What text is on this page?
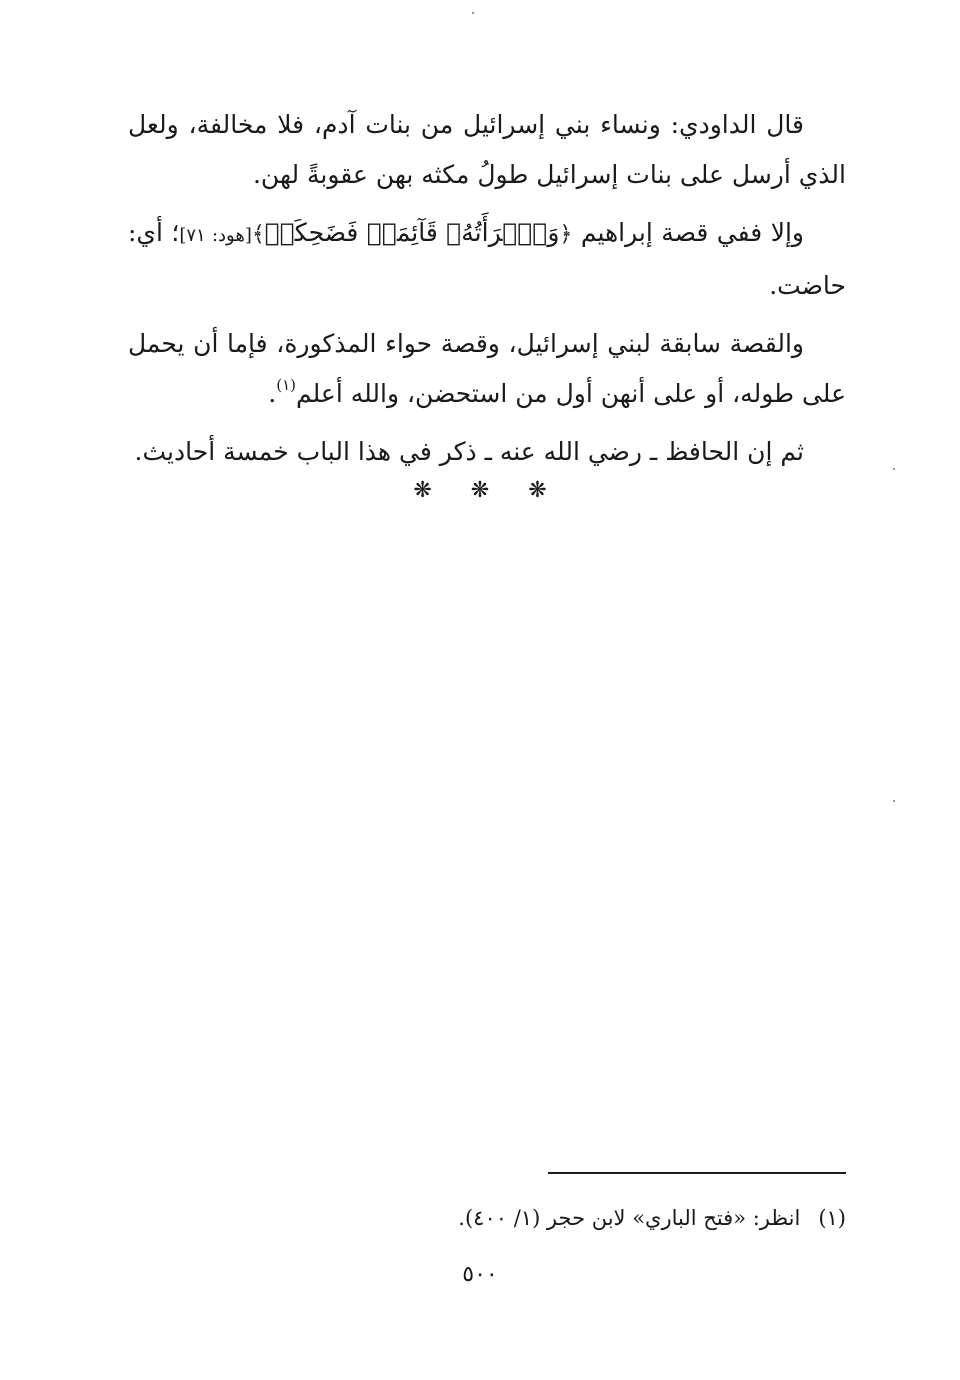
قال الداودي: ونساء بني إسرائيل من بنات آدم، فلا مخالفة، ولعل الذي أرسل على بنات إسرائيل طولُ مكثه بهن عقوبةً لهن.

وإلا ففي قصة إبراهيم ﴿وَٱمۡرَأَتُهُۥ قَآئِمَةٞ فَضَحِكَتۡ﴾[هود: ٧١]؛ أي: حاضت.

والقصة سابقة لبني إسرائيل، وقصة حواء المذكورة، فإما أن يحمل على طوله، أو على أنهن أول من استحضن، والله أعلم$^{(١)}$.

ثم إن الحافظ ـ رضي الله عنه ـ ذكر في هذا الباب خمسة أحاديث.

❋ ❋ ❋
(١)انظر: «فتح الباري» لابن حجر (١/ ٤٠٠).
٥٠٠
